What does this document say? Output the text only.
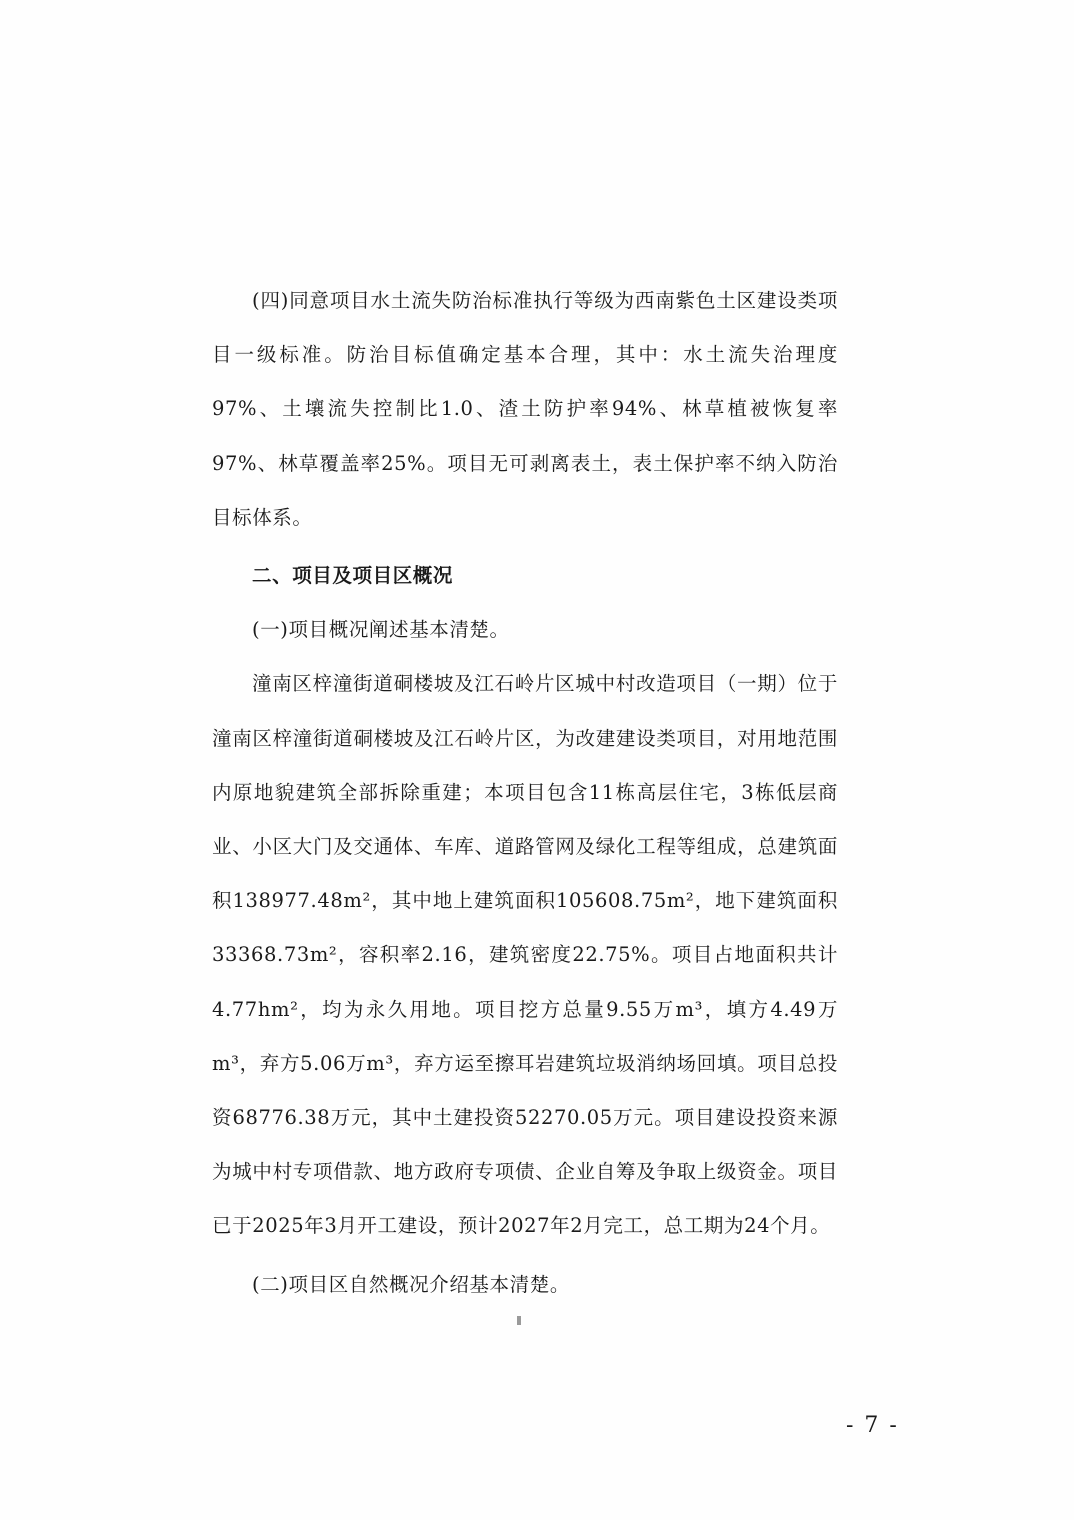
(四)同意项目水土流失防治标准执行等级为西南紫色土区建设类项目一级标准。防治目标值确定基本合理，其中：水土流失治理度97%、土壤流失控制比1.0、渣土防护率94%、林草植被恢复率97%、林草覆盖率25%。项目无可剥离表土，表土保护率不纳入防治目标体系。

二、项目及项目区概况

(一)项目概况阐述基本清楚。

潼南区梓潼街道硐楼坡及江石岭片区城中村改造项目（一期）位于潼南区梓潼街道硐楼坡及江石岭片区，为改建建设类项目，对用地范围内原地貌建筑全部拆除重建；本项目包含11栋高层住宅，3栋低层商业、小区大门及交通体、车库、道路管网及绿化工程等组成，总建筑面积138977.48m²，其中地上建筑面积105608.75m²，地下建筑面积33368.73m²，容积率2.16，建筑密度22.75%。项目占地面积共计4.77hm²，均为永久用地。项目挖方总量9.55万m³，填方4.49万m³，弃方5.06万m³，弃方运至擦耳岩建筑垃圾消纳场回填。项目总投资68776.38万元，其中土建投资52270.05万元。项目建设投资来源为城中村专项借款、地方政府专项债、企业自筹及争取上级资金。项目已于2025年3月开工建设，预计2027年2月完工，总工期为24个月。

(二)项目区自然概况介绍基本清楚。

- 7 -
